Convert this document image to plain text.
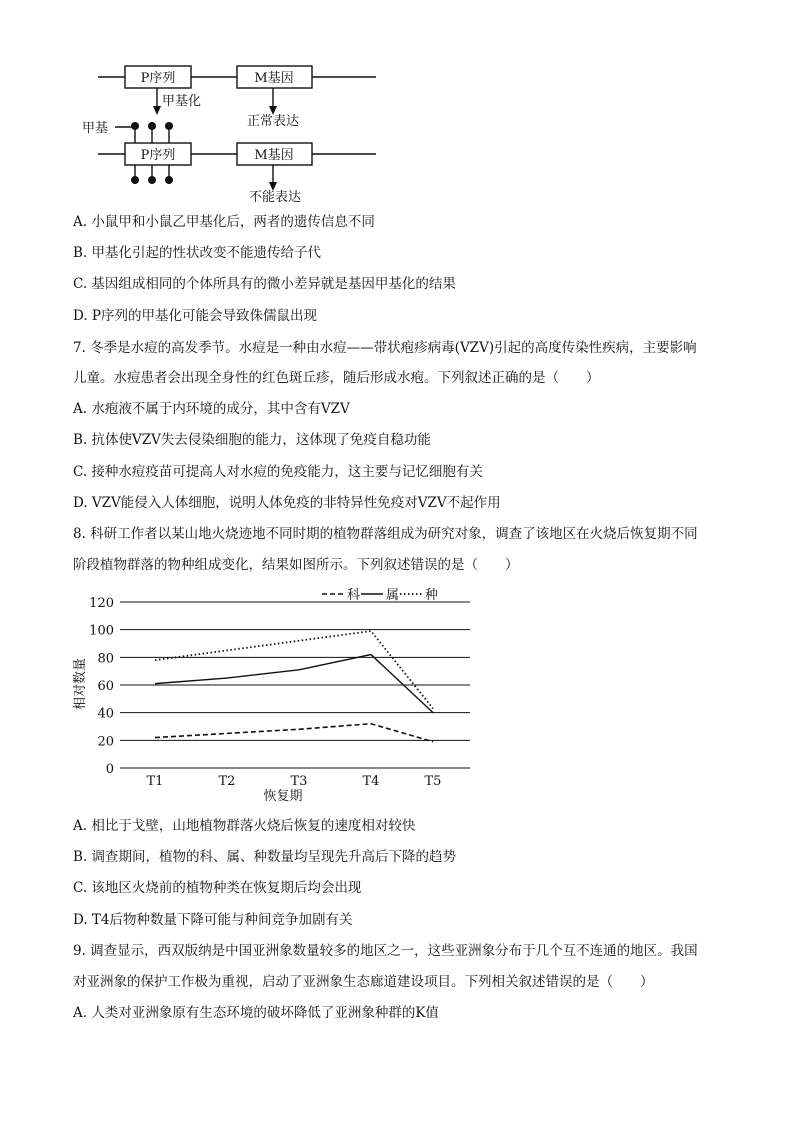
P序列	M基因
甲基化
正常表达
甲基
P序列	M基因
不能表达
A. 小鼠甲和小鼠乙甲基化后，两者的遗传信息不同
B. 甲基化引起的性状改变不能遗传给子代
C. 基因组成相同的个体所具有的微小差异就是基因甲基化的结果
D. P序列的甲基化可能会导致侏儒鼠出现
7. 冬季是水痘的高发季节。水痘是一种由水痘——带状疱疹病毒(VZV)引起的高度传染性疾病，主要影响
儿童。水痘患者会出现全身性的红色斑丘疹，随后形成水疱。下列叙述正确的是（　　）
A. 水疱液不属于内环境的成分，其中含有VZV
B. 抗体使VZV失去侵染细胞的能力，这体现了免疫自稳功能
C. 接种水痘疫苗可提高人对水痘的免疫能力，这主要与记忆细胞有关
D. VZV能侵入人体细胞，说明人体免疫的非特异性免疫对VZV不起作用
8. 科研工作者以某山地火烧迹地不同时期的植物群落组成为研究对象，调查了该地区在火烧后恢复期不同
阶段植物群落的物种组成变化，结果如图所示。下列叙述错误的是（　　）
0
20
40
60
80
100
120
T1	T2	T3	T4	T5
相对数量
恢复期
科 属 种
A. 相比于戈壁，山地植物群落火烧后恢复的速度相对较快
B. 调查期间，植物的科、属、种数量均呈现先升高后下降的趋势
C. 该地区火烧前的植物种类在恢复期后均会出现
D. T4后物种数量下降可能与种间竞争加剧有关
9. 调查显示，西双版纳是中国亚洲象数量较多的地区之一，这些亚洲象分布于几个互不连通的地区。我国
对亚洲象的保护工作极为重视，启动了亚洲象生态廊道建设项目。下列相关叙述错误的是（　　）
A. 人类对亚洲象原有生态环境的破坏降低了亚洲象种群的K值
